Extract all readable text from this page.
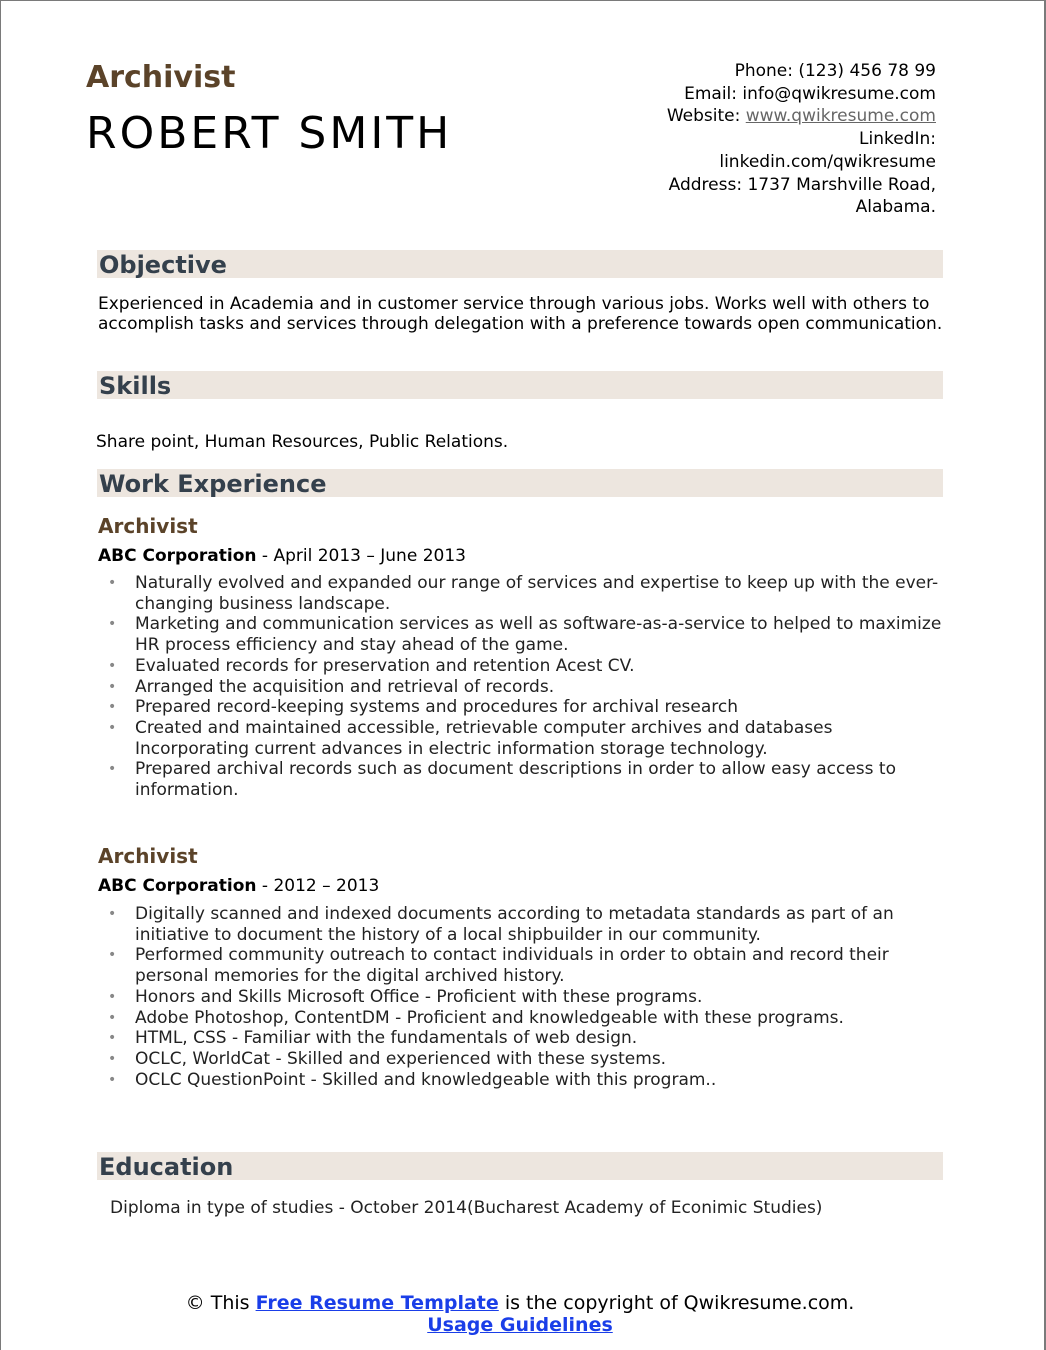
Archivist
ROBERT SMITH
Phone: (123) 456 78 99
Email: info@qwikresume.com
Website: www.qwikresume.com
LinkedIn:
linkedin.com/qwikresume
Address: 1737 Marshville Road,
Alabama.
Objective
Experienced in Academia and in customer service through various jobs. Works well with others to accomplish tasks and services through delegation with a preference towards open communication.
Skills
Share point, Human Resources, Public Relations.
Work Experience
Archivist
ABC Corporation - April 2013 – June 2013
• Naturally evolved and expanded our range of services and expertise to keep up with the ever-changing business landscape.
• Marketing and communication services as well as software-as-a-service to helped to maximize HR process efficiency and stay ahead of the game.
• Evaluated records for preservation and retention Acest CV.
• Arranged the acquisition and retrieval of records.
• Prepared record-keeping systems and procedures for archival research
• Created and maintained accessible, retrievable computer archives and databases Incorporating current advances in electric information storage technology.
• Prepared archival records such as document descriptions in order to allow easy access to information.
Archivist
ABC Corporation - 2012 – 2013
• Digitally scanned and indexed documents according to metadata standards as part of an initiative to document the history of a local shipbuilder in our community.
• Performed community outreach to contact individuals in order to obtain and record their personal memories for the digital archived history.
• Honors and Skills Microsoft Office - Proficient with these programs.
• Adobe Photoshop, ContentDM - Proficient and knowledgeable with these programs.
• HTML, CSS - Familiar with the fundamentals of web design.
• OCLC, WorldCat - Skilled and experienced with these systems.
• OCLC QuestionPoint - Skilled and knowledgeable with this program..
Education
Diploma in type of studies - October 2014(Bucharest Academy of Econimic Studies)
© This Free Resume Template is the copyright of Qwikresume.com. Usage Guidelines
